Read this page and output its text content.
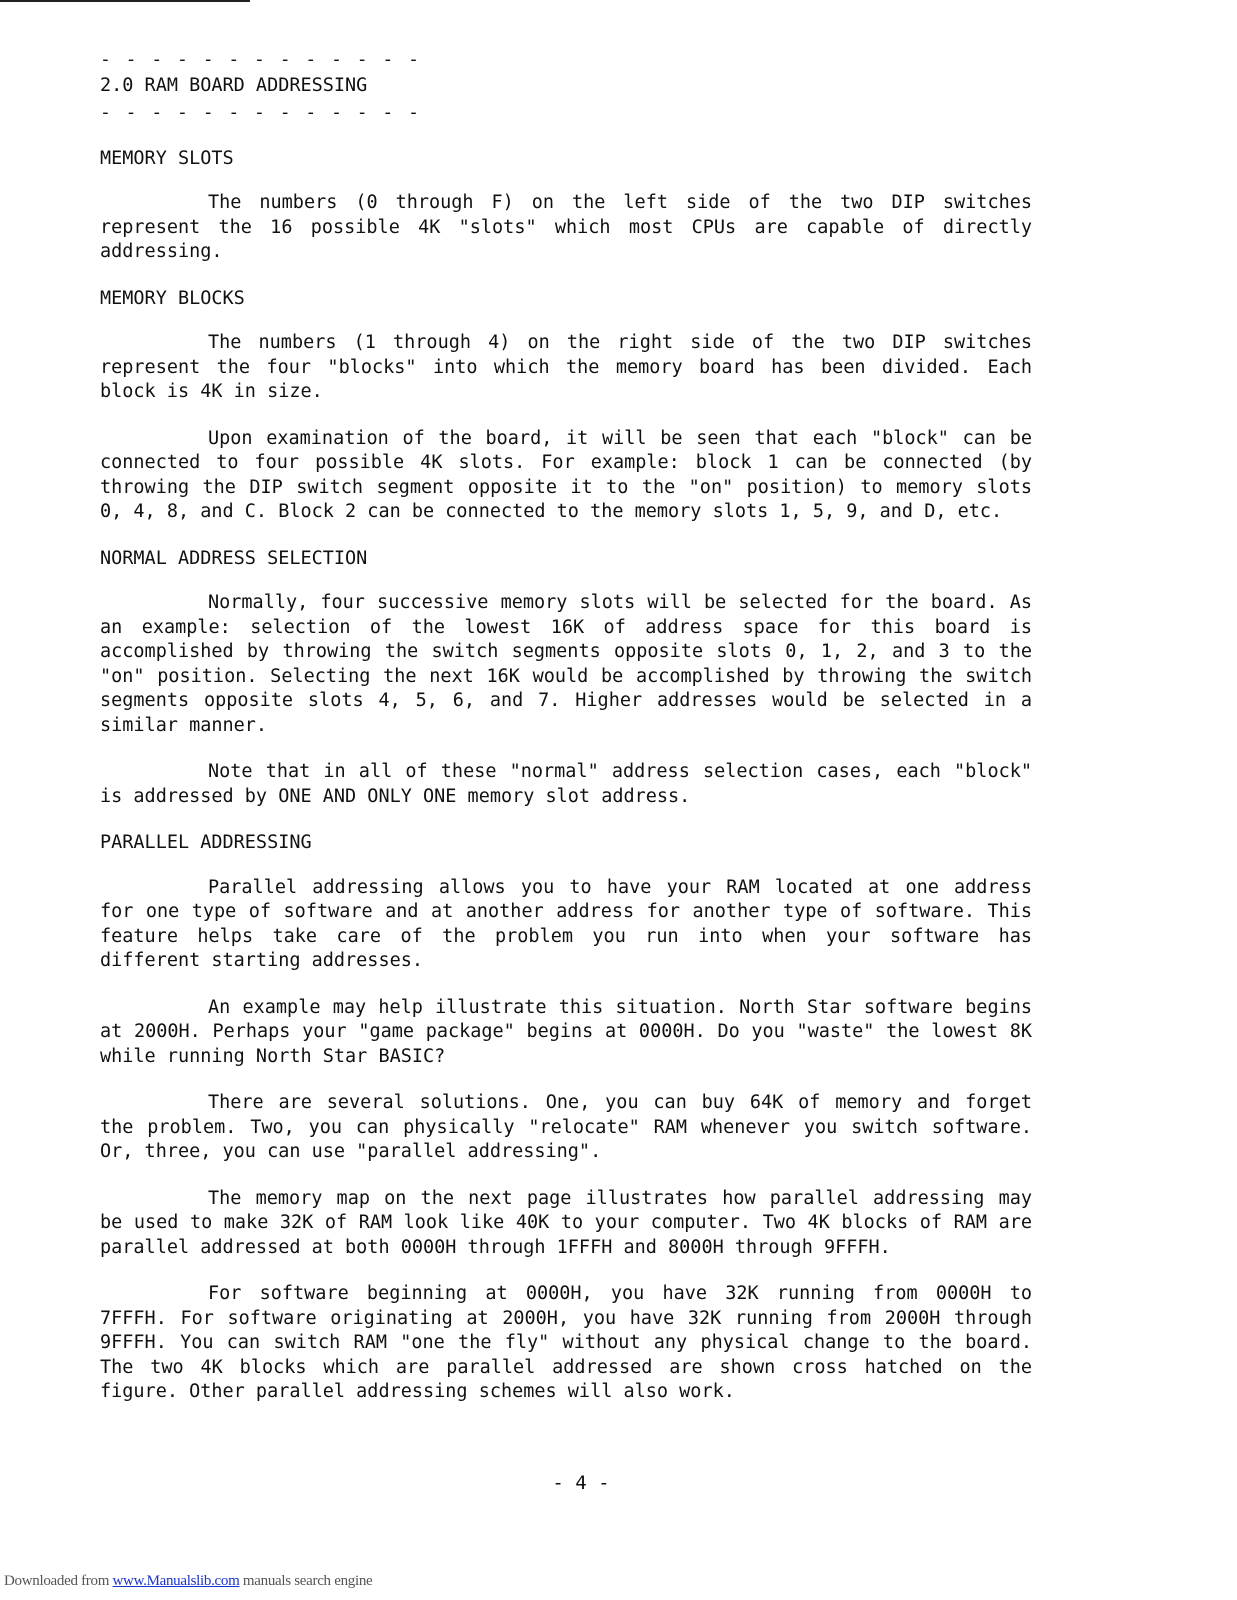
- - - - - - - - - - - - -
2.0 RAM BOARD ADDRESSING
- - - - - - - - - - - - -
MEMORY SLOTS

The numbers (0 through F) on the left side of the two DIP switches represent the 16 possible 4K "slots" which most CPUs are capable of directly addressing.

MEMORY BLOCKS

The numbers (1 through 4) on the right side of the two DIP switches represent the four "blocks" into which the memory board has been divided. Each block is 4K in size.

Upon examination of the board, it will be seen that each "block" can be connected to four possible 4K slots. For example: block 1 can be connected (by throwing the DIP switch segment opposite it to the "on" position) to memory slots 0, 4, 8, and C. Block 2 can be connected to the memory slots 1, 5, 9, and D, etc.

NORMAL ADDRESS SELECTION

Normally, four successive memory slots will be selected for the board. As an example: selection of the lowest 16K of address space for this board is accomplished by throwing the switch segments opposite slots 0, 1, 2, and 3 to the "on" position. Selecting the next 16K would be accomplished by throwing the switch segments opposite slots 4, 5, 6, and 7. Higher addresses would be selected in a similar manner.

Note that in all of these "normal" address selection cases, each "block" is addressed by ONE AND ONLY ONE memory slot address.

PARALLEL ADDRESSING

Parallel addressing allows you to have your RAM located at one address for one type of software and at another address for another type of software. This feature helps take care of the problem you run into when your software has different starting addresses.

An example may help illustrate this situation. North Star software begins at 2000H. Perhaps your "game package" begins at 0000H. Do you "waste" the lowest 8K while running North Star BASIC?

There are several solutions. One, you can buy 64K of memory and forget the problem. Two, you can physically "relocate" RAM whenever you switch software. Or, three, you can use "parallel addressing".

The memory map on the next page illustrates how parallel addressing may be used to make 32K of RAM look like 40K to your computer. Two 4K blocks of RAM are parallel addressed at both 0000H through 1FFFH and 8000H through 9FFFH.

For software beginning at 0000H, you have 32K running from 0000H to 7FFFH. For software originating at 2000H, you have 32K running from 2000H through 9FFFH. You can switch RAM "one the fly" without any physical change to the board. The two 4K blocks which are parallel addressed are shown cross hatched on the figure. Other parallel addressing schemes will also work.

- 4 -
Downloaded from www.Manualslib.com manuals search engine
